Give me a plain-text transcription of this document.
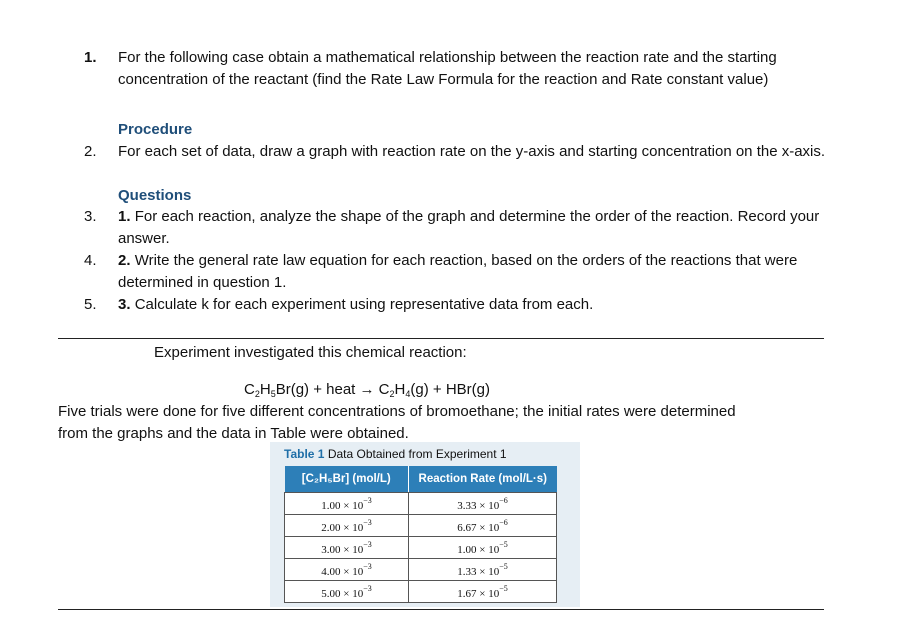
1.	For the following case obtain a mathematical relationship between the reaction rate and the starting concentration of the reactant (find the Rate Law Formula for the reaction and Rate constant value)
Procedure
2.	For each set of data, draw a graph with reaction rate on the y-axis and starting concentration on the x-axis.
Questions
3.	1. For each reaction, analyze the shape of the graph and determine the order of the reaction. Record your answer.
4.	2. Write the general rate law equation for each reaction, based on the orders of the reactions that were determined in question 1.
5.	3. Calculate k for each experiment using representative data from each.
Experiment investigated this chemical reaction:
$C_2H_5Br(g)$ + heat → $C_2H_4(g) + HBr(g)$
Five trials were done for five different concentrations of bromoethane; the initial rates were determined
from the graphs and the data in Table were obtained.
Table 1 Data Obtained from Experiment 1
[C₂H₅Br] (mol/L)	Reaction Rate (mol/L·s)

$1.00 \times 10^{-3}$	$3.33 \times 10^{-6}$
$2.00 \times 10^{-3}$	$6.67 \times 10^{-6}$
$3.00 \times 10^{-3}$	$1.00 \times 10^{-5}$
$4.00 \times 10^{-3}$	$1.33 \times 10^{-5}$
$5.00 \times 10^{-3}$	$1.67 \times 10^{-5}$
